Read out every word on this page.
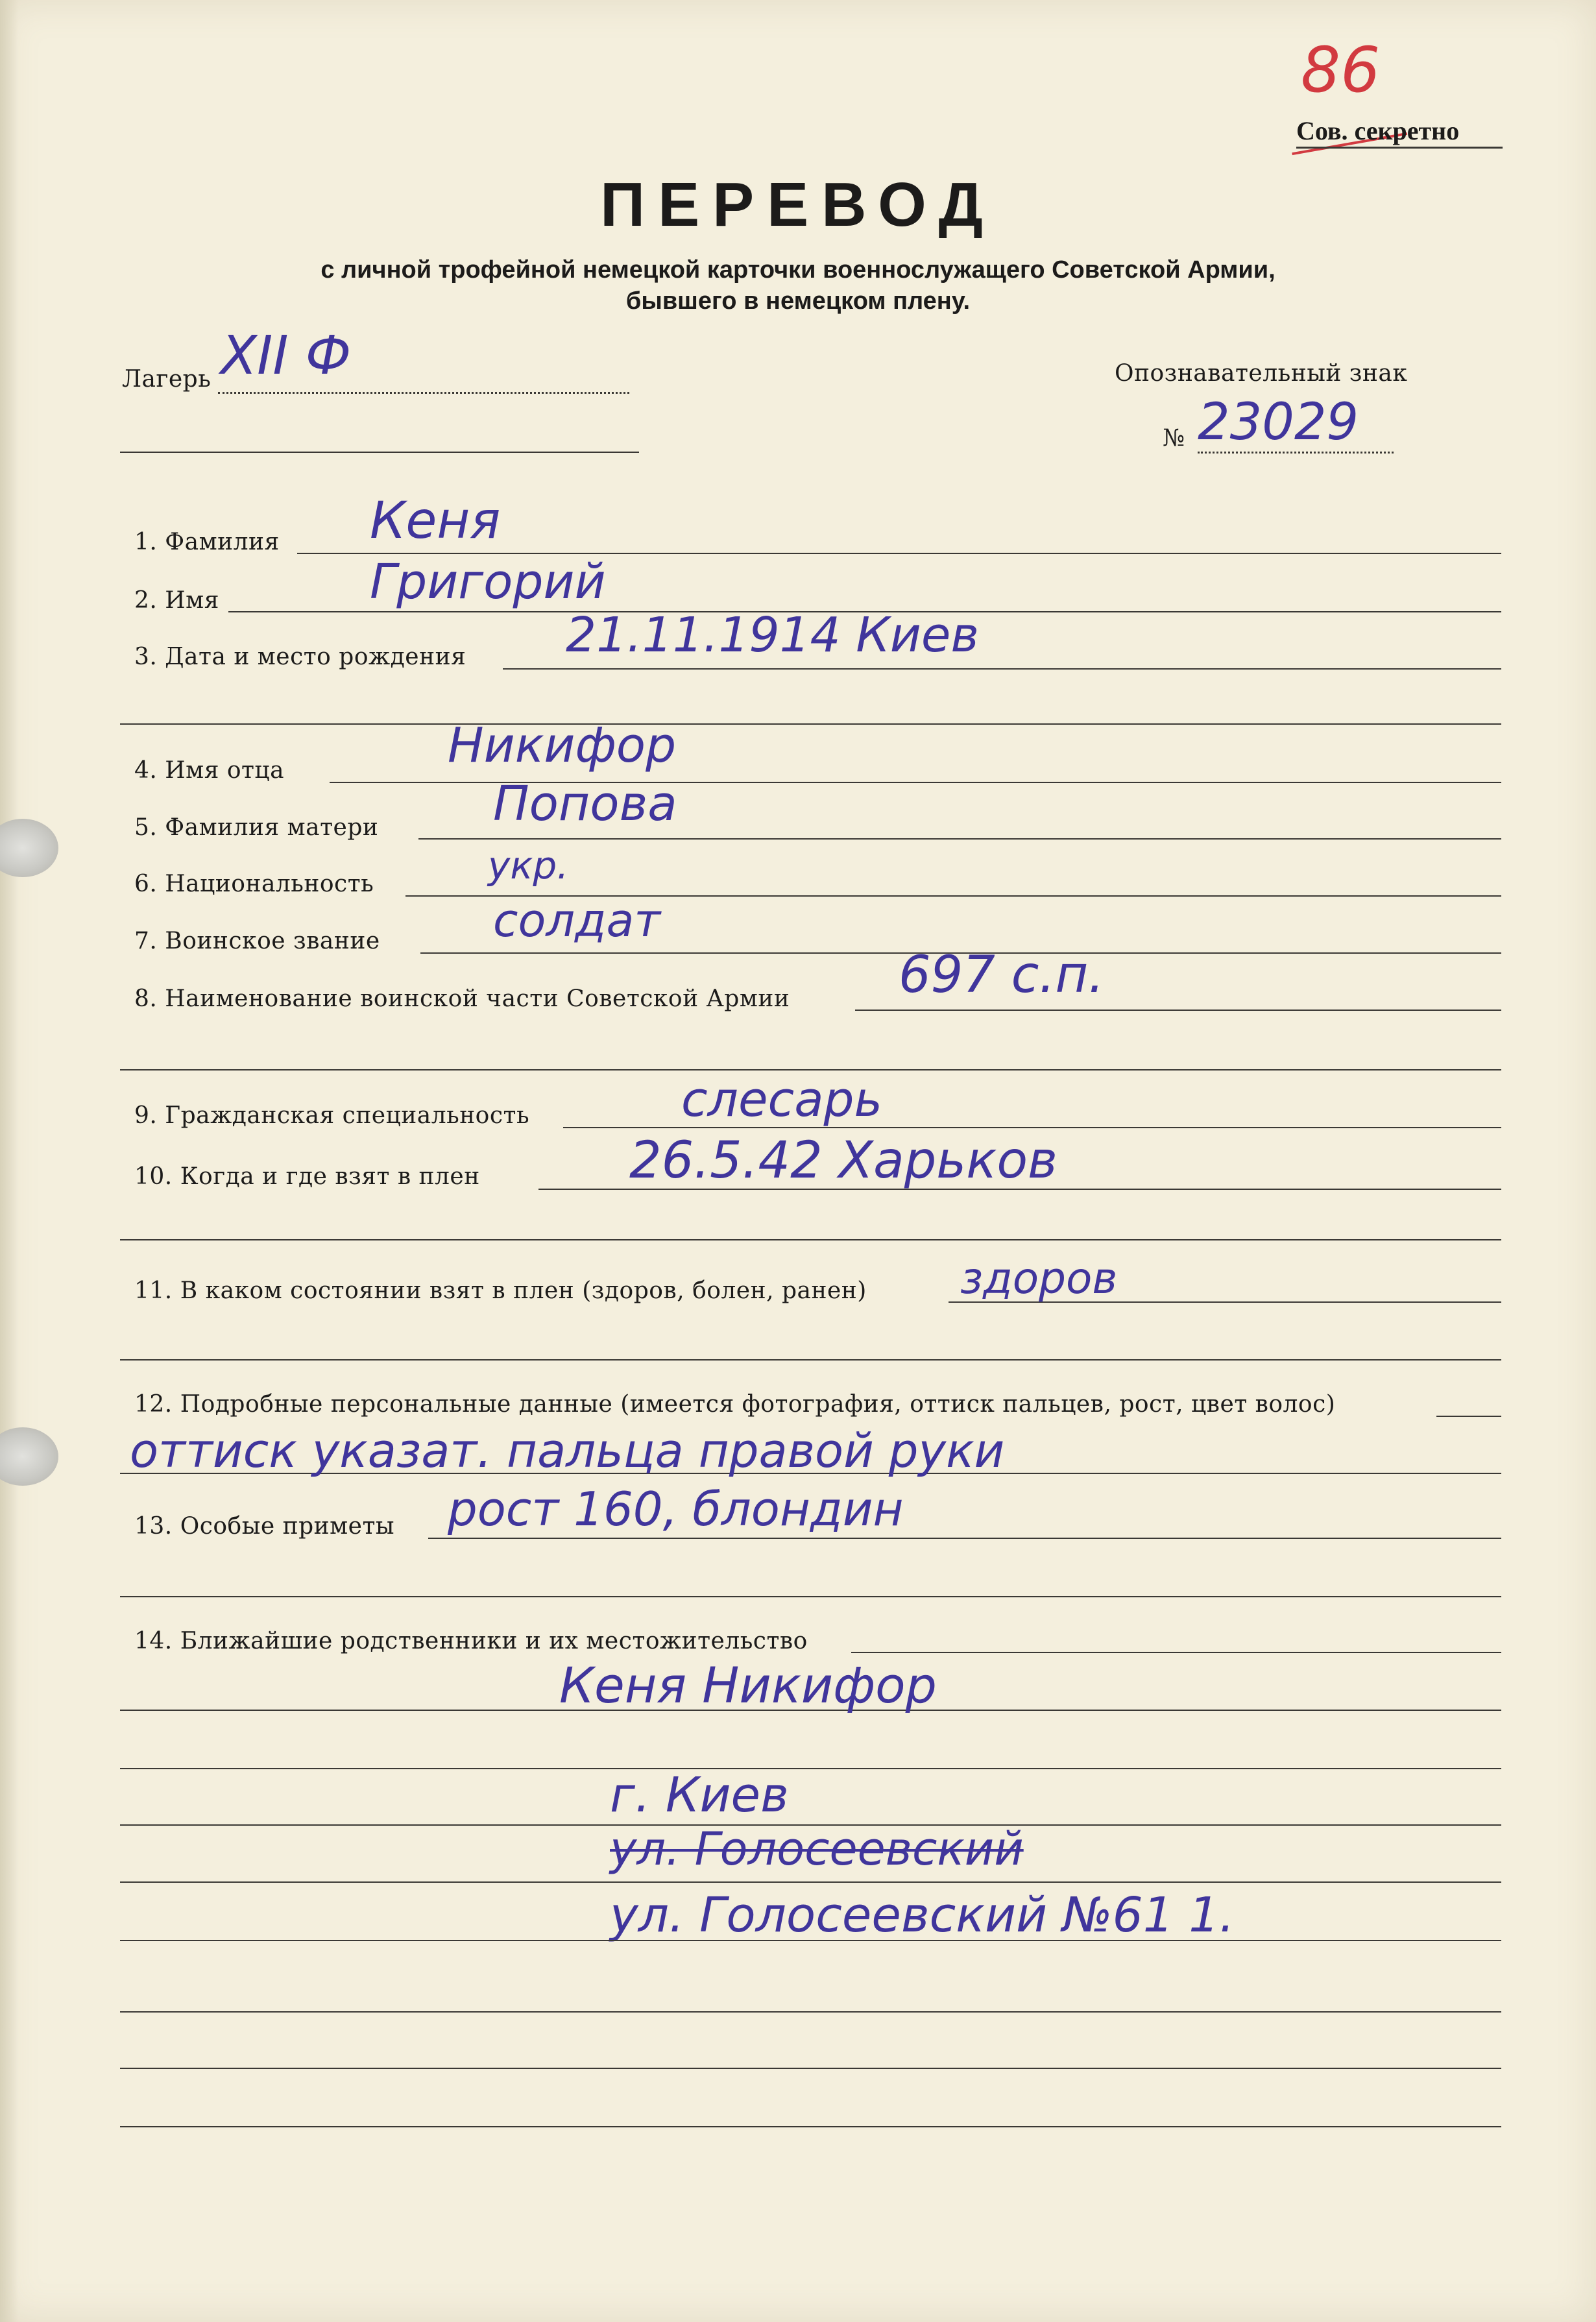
86
Сов. секретно
ПЕРЕВОД
с личной трофейной немецкой карточки военнослужащего Советской Армии,
бывшего в немецком плену.
Лагерь XII Ф	Опознавательный знак
№ 23029
1. Фамилия Кеня
2. Имя	Григорий
3. Дата и место рождения 21.11.1914 Киев
4. Имя отца	Никифор
5. Фамилия матери Попова
6. Национальность	укр.
7. Воинское звание солдат
8. Наименование воинской части Советской Армии 697 с.п.
9. Гражданская специальность	слесарь
10. Когда и где взят в плен	26.5.42 Харьков
11. В каком состоянии взят в плен (здоров, болен, ранен) здоров
12. Подробные персональные данные (имеется фотография, оттиск пальцев, рост, цвет волос)
оттиск указат. пальца правой руки
13. Особые приметы рост 160, блондин
14. Ближайшие родственники и их местожительство
Кеня Никифор
г. Киев
ул. Голосеевский
ул. Голосеевский №61 1.
